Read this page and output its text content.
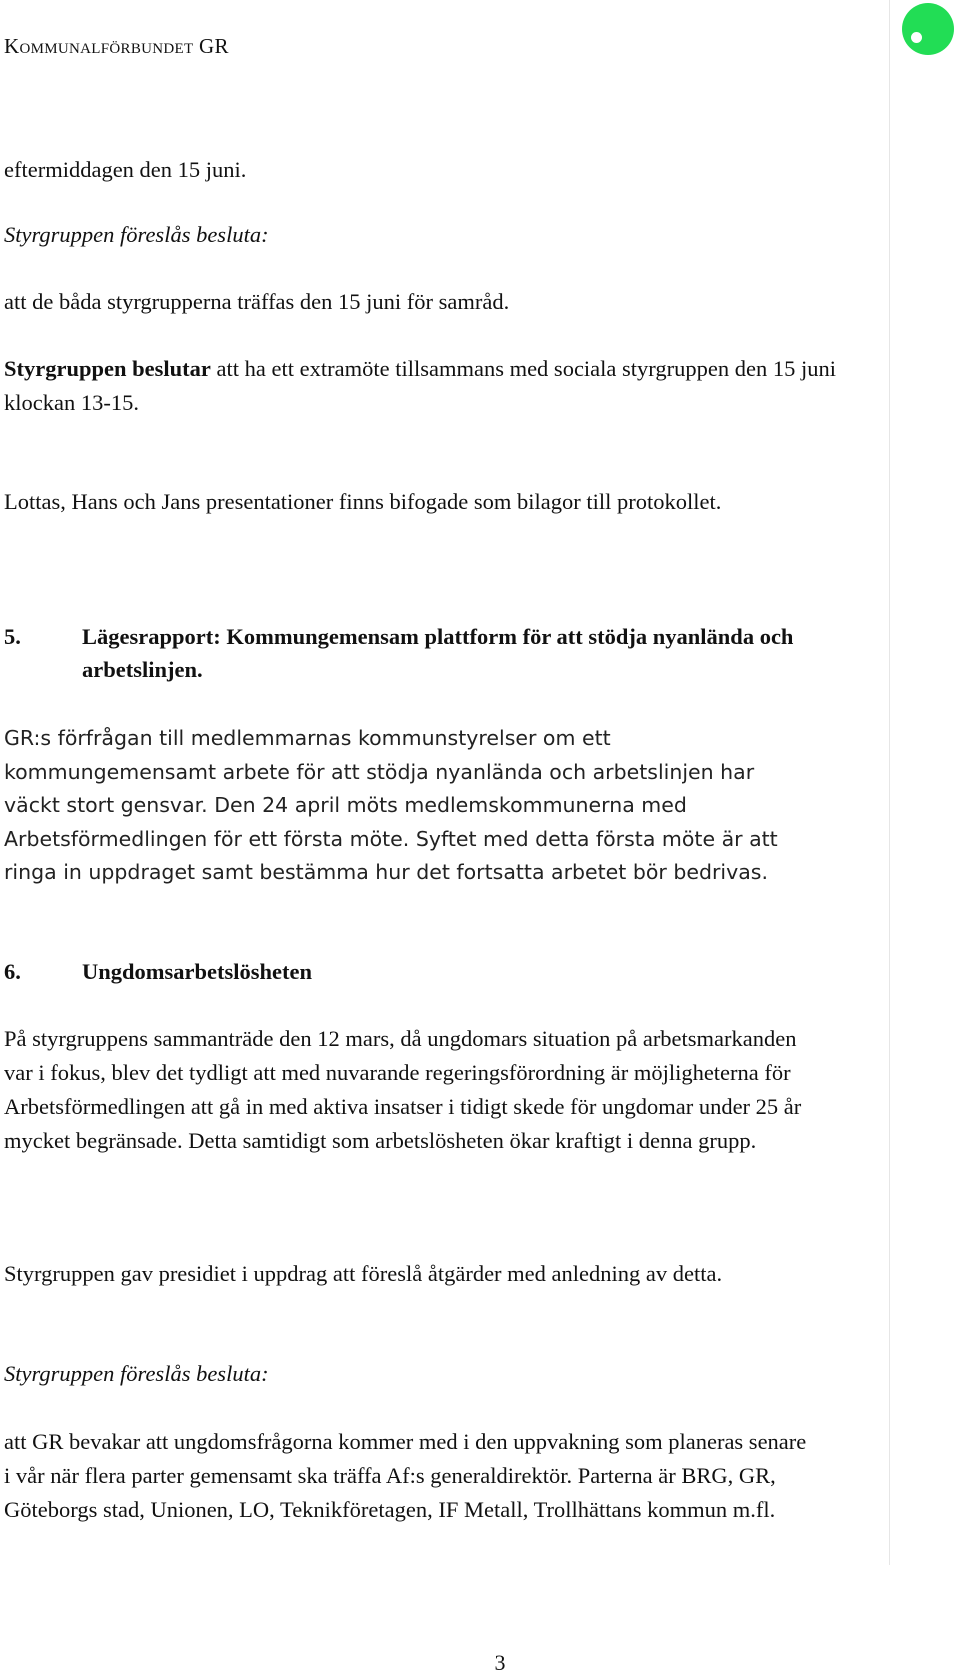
Kommunalförbundet GR

eftermiddagen den 15 juni.

Styrgruppen föreslås besluta:

att de båda styrgrupperna träffas den 15 juni för samråd.

Styrgruppen beslutar att ha ett extramöte tillsammans med sociala styrgruppen den 15 juni klockan 13-15.

Lottas, Hans och Jans presentationer finns bifogade som bilagor till protokollet.

5.	Lägesrapport: Kommungemensam plattform för att stödja nyanlända och arbetslinjen.

GR:s förfrågan till medlemmarnas kommunstyrelser om ett kommungemensamt arbete för att stödja nyanlända och arbetslinjen har väckt stort gensvar. Den 24 april möts medlemskommunerna med Arbetsförmedlingen för ett första möte. Syftet med detta första möte är att ringa in uppdraget samt bestämma hur det fortsatta arbetet bör bedrivas.

6.	Ungdomsarbetslösheten

På styrgruppens sammanträde den 12 mars, då ungdomars situation på arbetsmarkanden var i fokus, blev det tydligt att med nuvarande regeringsförordning är möjligheterna för Arbetsförmedlingen att gå in med aktiva insatser i tidigt skede för ungdomar under 25 år mycket begränsade. Detta samtidigt som arbetslösheten ökar kraftigt i denna grupp.

Styrgruppen gav presidiet i uppdrag att föreslå åtgärder med anledning av detta.

Styrgruppen föreslås besluta:

att GR bevakar att ungdomsfrågorna kommer med i den uppvakning som planeras senare i vår när flera parter gemensamt ska träffa Af:s generaldirektör. Parterna är BRG, GR, Göteborgs stad, Unionen, LO, Teknikföretagen, IF Metall, Trollhättans kommun m.fl.

3
